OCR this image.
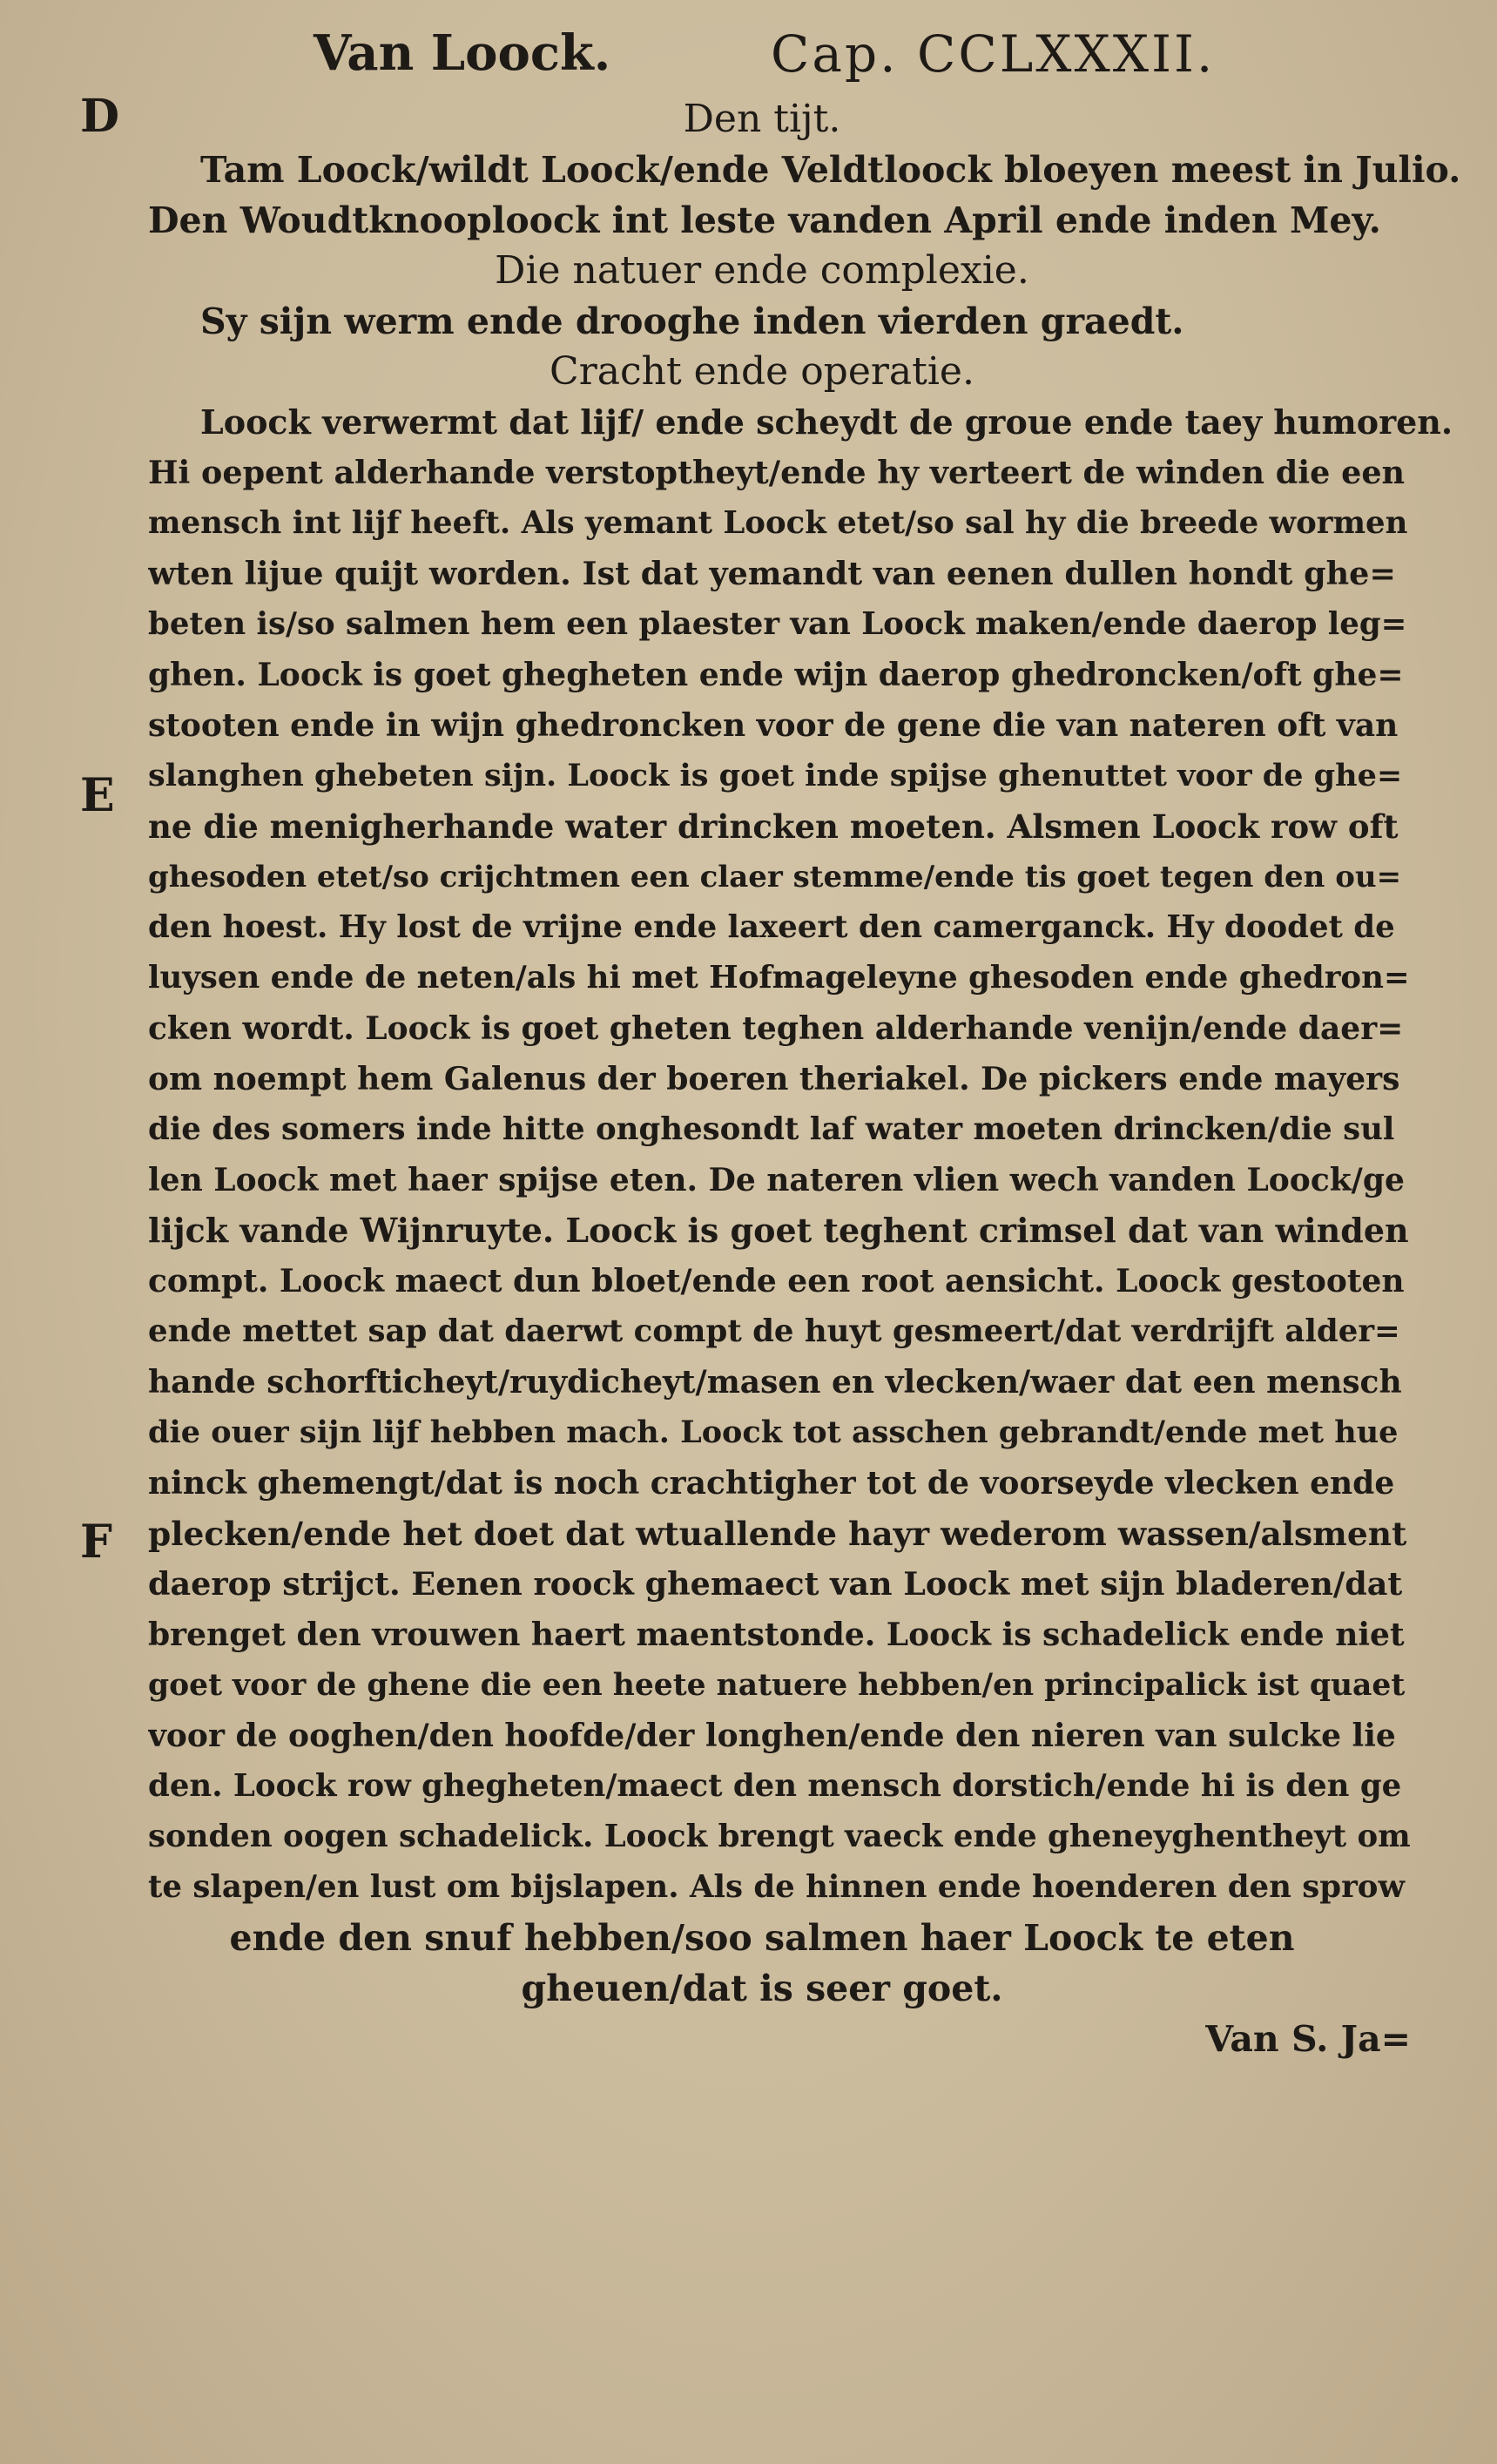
Van Loock.	Cap. CCLXXXII.
D
E
F
Den tijt.
Tam Loock/wildt Loock/ende Veldtloock bloeyen meest in Julio.
Den Woudtknooploock int leste vanden April ende inden Mey.
Die natuer ende complexie.
Sy sijn werm ende drooghe inden vierden graedt.
Cracht ende operatie.
Loock verwermt dat lijf/ ende scheydt de groue ende taey humoren.
Hi oepent alderhande verstoptheyt/ende hy verteert de winden die een
mensch int lijf heeft. Als yemant Loock etet/so sal hy die breede wormen
wten lijue quijt worden. Ist dat yemandt van eenen dullen hondt ghe=
beten is/so salmen hem een plaester van Loock maken/ende daerop leg=
ghen. Loock is goet ghegheten ende wijn daerop ghedroncken/oft ghe=
stooten ende in wijn ghedroncken voor de gene die van nateren oft van
slanghen ghebeten sijn. Loock is goet inde spijse ghenuttet voor de ghe=
ne die menigherhande water drincken moeten. Alsmen Loock row oft
ghesoden etet/so crijchtmen een claer stemme/ende tis goet tegen den ou=
den hoest. Hy lost de vrijne ende laxeert den camerganck. Hy doodet de
luysen ende de neten/als hi met Hofmageleyne ghesoden ende ghedron=
cken wordt. Loock is goet gheten teghen alderhande venijn/ende daer=
om noempt hem Galenus der boeren theriakel. De pickers ende mayers
die des somers inde hitte onghesondt laf water moeten drincken/die sul
len Loock met haer spijse eten. De nateren vlien wech vanden Loock/ge
lijck vande Wijnruyte. Loock is goet teghent crimsel dat van winden
compt. Loock maect dun bloet/ende een root aensicht. Loock gestooten
ende mettet sap dat daerwt compt de huyt gesmeert/dat verdrijft alder=
hande schorfticheyt/ruydicheyt/masen en vlecken/waer dat een mensch
die ouer sijn lijf hebben mach. Loock tot asschen gebrandt/ende met hue
ninck ghemengt/dat is noch crachtigher tot de voorseyde vlecken ende
plecken/ende het doet dat wtuallende hayr wederom wassen/alsment
daerop strijct. Eenen roock ghemaect van Loock met sijn bladeren/dat
brenget den vrouwen haert maentstonde. Loock is schadelick ende niet
goet voor de ghene die een heete natuere hebben/en principalick ist quaet
voor de ooghen/den hoofde/der longhen/ende den nieren van sulcke lie
den. Loock row ghegheten/maect den mensch dorstich/ende hi is den ge
sonden oogen schadelick. Loock brengt vaeck ende gheneyghentheyt om
te slapen/en lust om bijslapen. Als de hinnen ende hoenderen den sprow
ende den snuf hebben/soo salmen haer Loock te eten
gheuen/dat is seer goet.
Van S. Ja=
